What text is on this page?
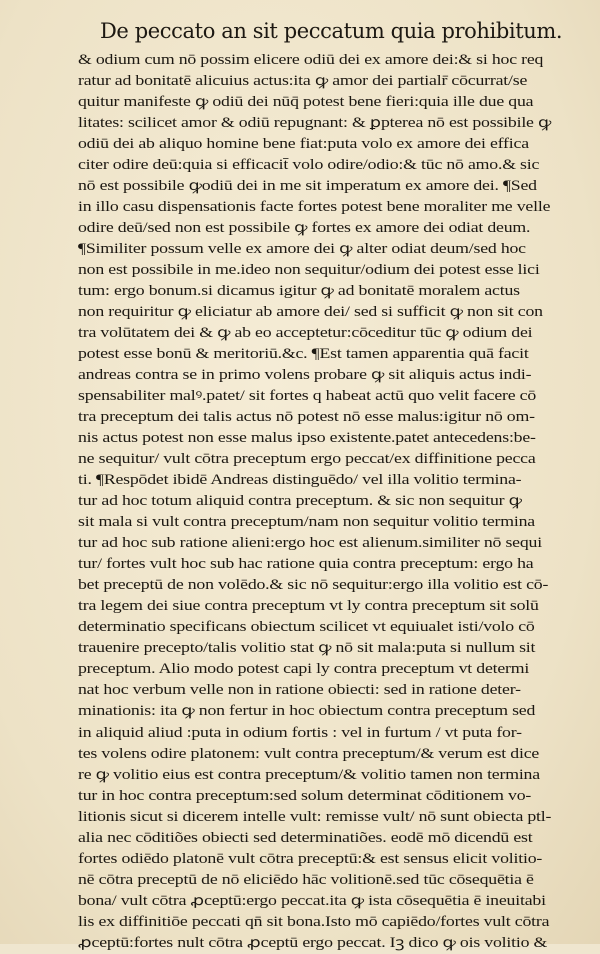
De peccato an sit peccatum quia prohibitum.
& odium cum nō possim elicere odiū dei ex amore dei:& si hoc req
ratur ad bonitatē alicuius actus:ita ꝙ amor dei partialr̄ cōcurrat/se
quitur manifeste ꝙ odiū dei nūq̄ potest bene fieri:quia ille due qua
litates: scilicet amor & odiū repugnant: & ꝑpterea nō est possibile ꝙ
odiū dei ab aliquo homine bene fiat:puta volo ex amore dei effica
citer odire deū:quia si efficacit̄ volo odire/odio:& tūc nō amo.& sic
nō est possibile ꝙodiū dei in me sit imperatum ex amore dei. ¶Sed
in illo casu dispensationis facte fortes potest bene moraliter me velle
odire deū/sed non est possibile ꝙ fortes ex amore dei odiat deum.
¶Similiter possum velle ex amore dei ꝙ alter odiat deum/sed hoc
non est possibile in me.ideo non sequitur/odium dei potest esse lici
tum: ergo bonum.si dicamus igitur ꝙ ad bonitatē moralem actus
non requiritur ꝙ eliciatur ab amore dei/ sed si sufficit ꝙ non sit con
tra volūtatem dei & ꝙ ab eo acceptetur:cōceditur tūc ꝙ odium dei
potest esse bonū & meritoriū.&c. ¶Est tamen apparentia quā facit
andreas contra se in primo volens probare ꝙ sit aliquis actus indi-
spensabiliter malꝰ.patet/ sit fortes q habeat actū quo velit facere cō
tra preceptum dei talis actus nō potest nō esse malus:igitur nō om-
nis actus potest non esse malus ipso existente.patet antecedens:be-
ne sequitur/ vult cōtra preceptum ergo peccat/ex diffinitione pecca
ti. ¶Respōdet ibidē Andreas distinguēdo/ vel illa volitio termina-
tur ad hoc totum aliquid contra preceptum. & sic non sequitur ꝙ
sit mala si vult contra preceptum/nam non sequitur volitio termina
tur ad hoc sub ratione alieni:ergo hoc est alienum.similiter nō sequi
tur/ fortes vult hoc sub hac ratione quia contra preceptum: ergo ha
bet preceptū de non volēdo.& sic nō sequitur:ergo illa volitio est cō-
tra legem dei siue contra preceptum vt ly contra preceptum sit solū
determinatio specificans obiectum scilicet vt equiualet isti/volo cō
trauenire precepto/talis volitio stat ꝙ nō sit mala:puta si nullum sit
preceptum. Alio modo potest capi ly contra preceptum vt determi
nat hoc verbum velle non in ratione obiecti: sed in ratione deter-
minationis: ita ꝙ non fertur in hoc obiectum contra preceptum sed
in aliquid aliud :puta in odium fortis : vel in furtum / vt puta for-
tes volens odire platonem: vult contra preceptum/& verum est dice
re ꝙ volitio eius est contra preceptum/& volitio tamen non termina
tur in hoc contra preceptum:sed solum determinat cōditionem vo-
litionis sicut si dicerem intelle vult: remisse vult/ nō sunt obiecta ptl-
alia nec cōditiões obiecti sed determinatiões. eodē mō dicendū est
fortes odiēdo platonē vult cōtra preceptū:& est sensus elicit volitio-
nē cōtra preceptū de nō eliciēdo hāc volitionē.sed tūc cōsequētia ē
bona/ vult cōtra ꝓceptū:ergo peccat.ita ꝙ ista cōsequētia ē ineuitabi
lis ex diffinitiōe peccati qn̄ sit bona.Isto mō capiēdo/fortes vult cōtra
ꝓceptū:fortes nult cōtra ꝓceptū ergo peccat. Iꝫ dico ꝙ ois volitio &
